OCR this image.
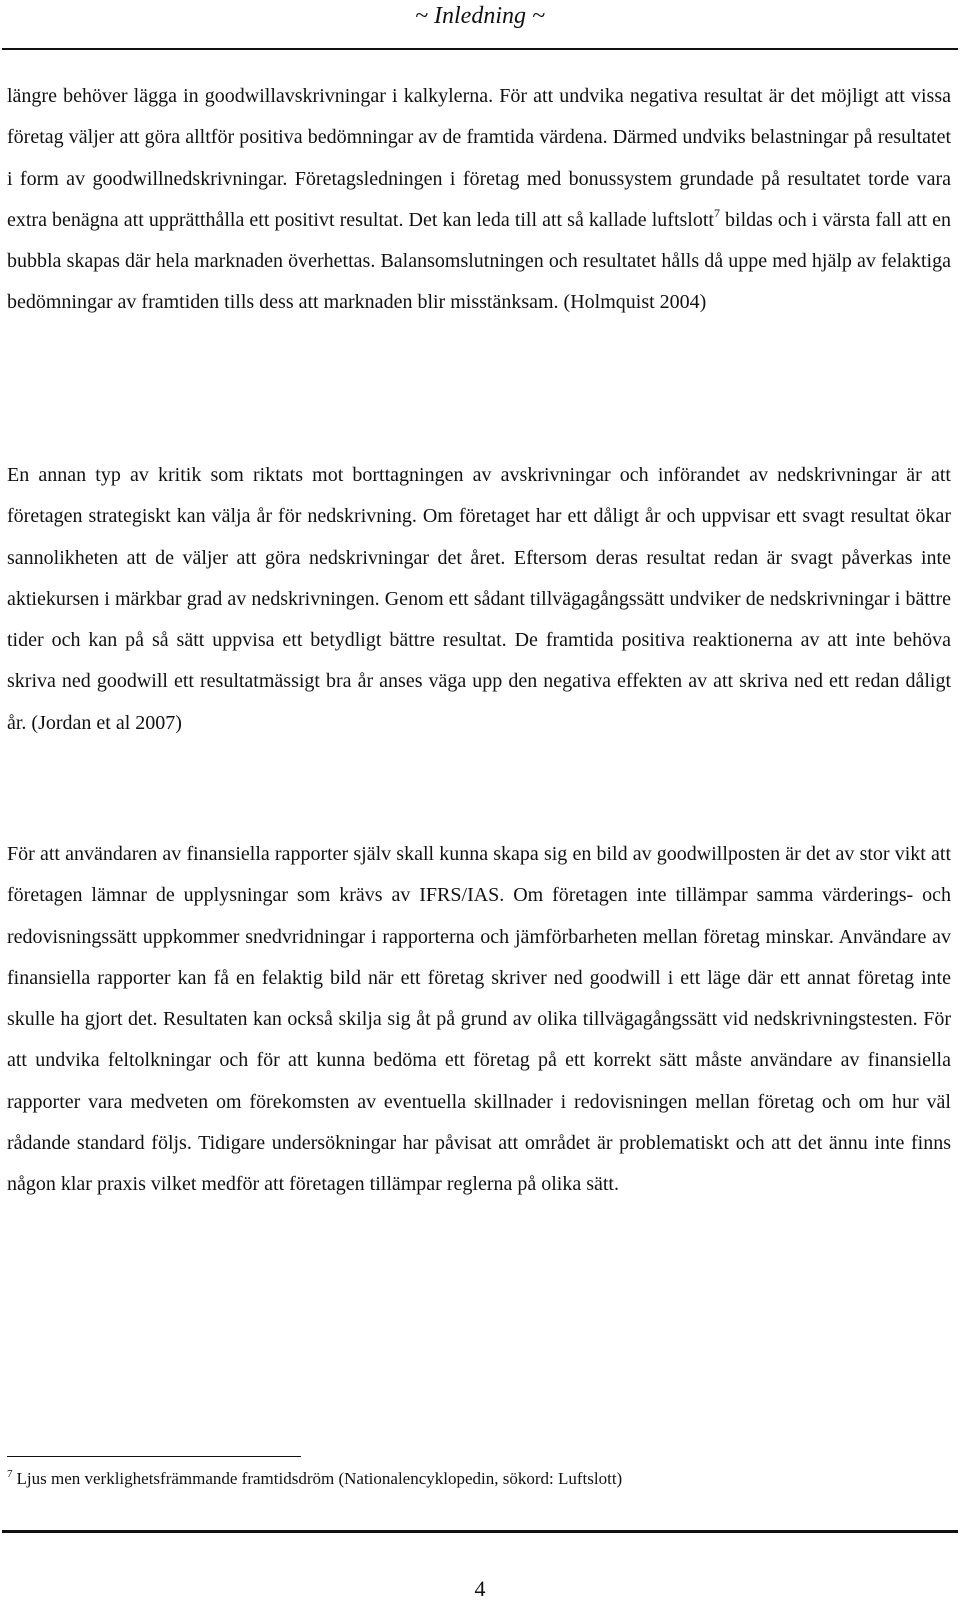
~ Inledning ~

längre behöver lägga in goodwillavskrivningar i kalkylerna. För att undvika negativa resultat är det möjligt att vissa företag väljer att göra alltför positiva bedömningar av de framtida värdena. Därmed undviks belastningar på resultatet i form av goodwillnedskrivningar. Företagsledningen i företag med bonussystem grundade på resultatet torde vara extra benägna att upprätthålla ett positivt resultat. Det kan leda till att så kallade luftslott$^7$ bildas och i värsta fall att en bubbla skapas där hela marknaden överhettas. Balansomslutningen och resultatet hålls då uppe med hjälp av felaktiga bedömningar av framtiden tills dess att marknaden blir misstänksam. (Holmquist 2004)

En annan typ av kritik som riktats mot borttagningen av avskrivningar och införandet av nedskrivningar är att företagen strategiskt kan välja år för nedskrivning. Om företaget har ett dåligt år och uppvisar ett svagt resultat ökar sannolikheten att de väljer att göra nedskrivningar det året. Eftersom deras resultat redan är svagt påverkas inte aktiekursen i märkbar grad av nedskrivningen. Genom ett sådant tillvägagångssätt undviker de nedskrivningar i bättre tider och kan på så sätt uppvisa ett betydligt bättre resultat. De framtida positiva reaktionerna av att inte behöva skriva ned goodwill ett resultatmässigt bra år anses väga upp den negativa effekten av att skriva ned ett redan dåligt år. (Jordan et al 2007)

För att användaren av finansiella rapporter själv skall kunna skapa sig en bild av goodwillposten är det av stor vikt att företagen lämnar de upplysningar som krävs av IFRS/IAS. Om företagen inte tillämpar samma värderings- och redovisningssätt uppkommer snedvridningar i rapporterna och jämförbarheten mellan företag minskar. Användare av finansiella rapporter kan få en felaktig bild när ett företag skriver ned goodwill i ett läge där ett annat företag inte skulle ha gjort det. Resultaten kan också skilja sig åt på grund av olika tillvägagångssätt vid nedskrivningstesten. För att undvika feltolkningar och för att kunna bedöma ett företag på ett korrekt sätt måste användare av finansiella rapporter vara medveten om förekomsten av eventuella skillnader i redovisningen mellan företag och om hur väl rådande standard följs. Tidigare undersökningar har påvisat att området är problematiskt och att det ännu inte finns någon klar praxis vilket medför att företagen tillämpar reglerna på olika sätt.

$^7$ Ljus men verklighetsfrämmande framtidsdröm (Nationalencyklopedin, sökord: Luftslott)
4
